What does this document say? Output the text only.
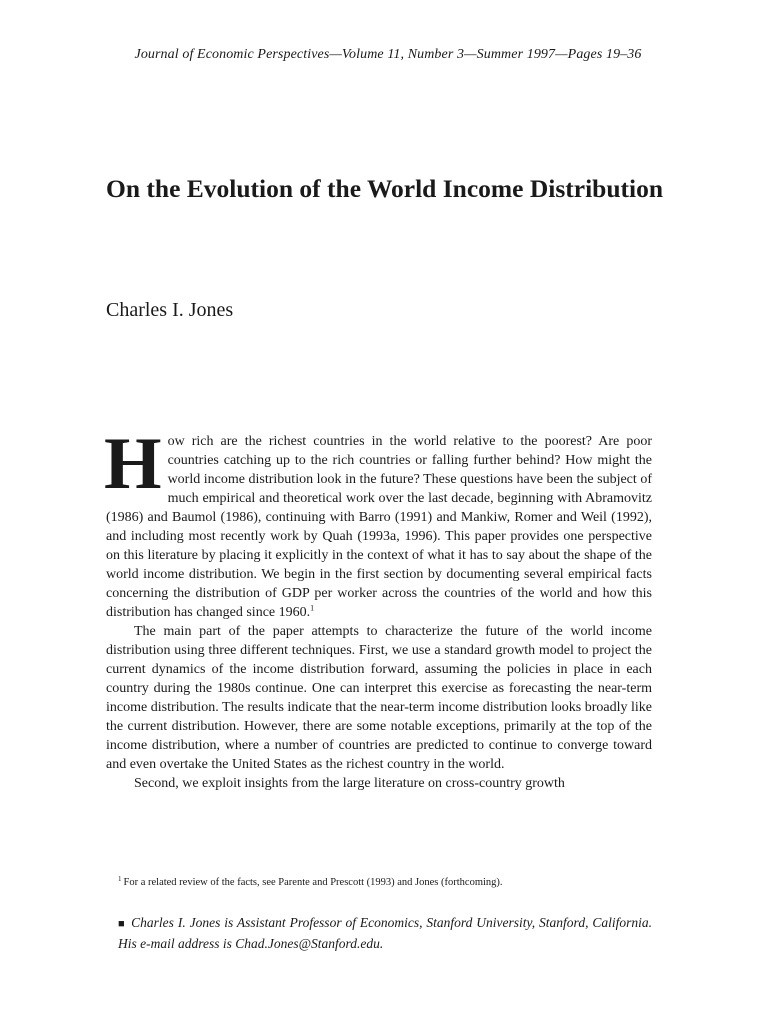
Journal of Economic Perspectives—Volume 11, Number 3—Summer 1997—Pages 19–36
On the Evolution of the World Income Distribution
Charles I. Jones

How rich are the richest countries in the world relative to the poorest? Are poor countries catching up to the rich countries or falling further behind? How might the world income distribution look in the future? These questions have been the subject of much empirical and theoretical work over the last decade, beginning with Abramovitz (1986) and Baumol (1986), continuing with Barro (1991) and Mankiw, Romer and Weil (1992), and including most recently work by Quah (1993a, 1996). This paper provides one perspective on this literature by placing it explicitly in the context of what it has to say about the shape of the world income distribution. We begin in the first section by documenting several empirical facts concerning the distribution of GDP per worker across the countries of the world and how this distribution has changed since 1960.$^1$

The main part of the paper attempts to characterize the future of the world income distribution using three different techniques. First, we use a standard growth model to project the current dynamics of the income distribution forward, assuming the policies in place in each country during the 1980s continue. One can interpret this exercise as forecasting the near-term income distribution. The results indicate that the near-term income distribution looks broadly like the current distribution. However, there are some notable exceptions, primarily at the top of the income distribution, where a number of countries are predicted to continue to converge toward and even overtake the United States as the richest country in the world.

Second, we exploit insights from the large literature on cross-country growth

$^1$ For a related review of the facts, see Parente and Prescott (1993) and Jones (forthcoming).
■ Charles I. Jones is Assistant Professor of Economics, Stanford University, Stanford, California. His e-mail address is Chad.Jones@Stanford.edu.
